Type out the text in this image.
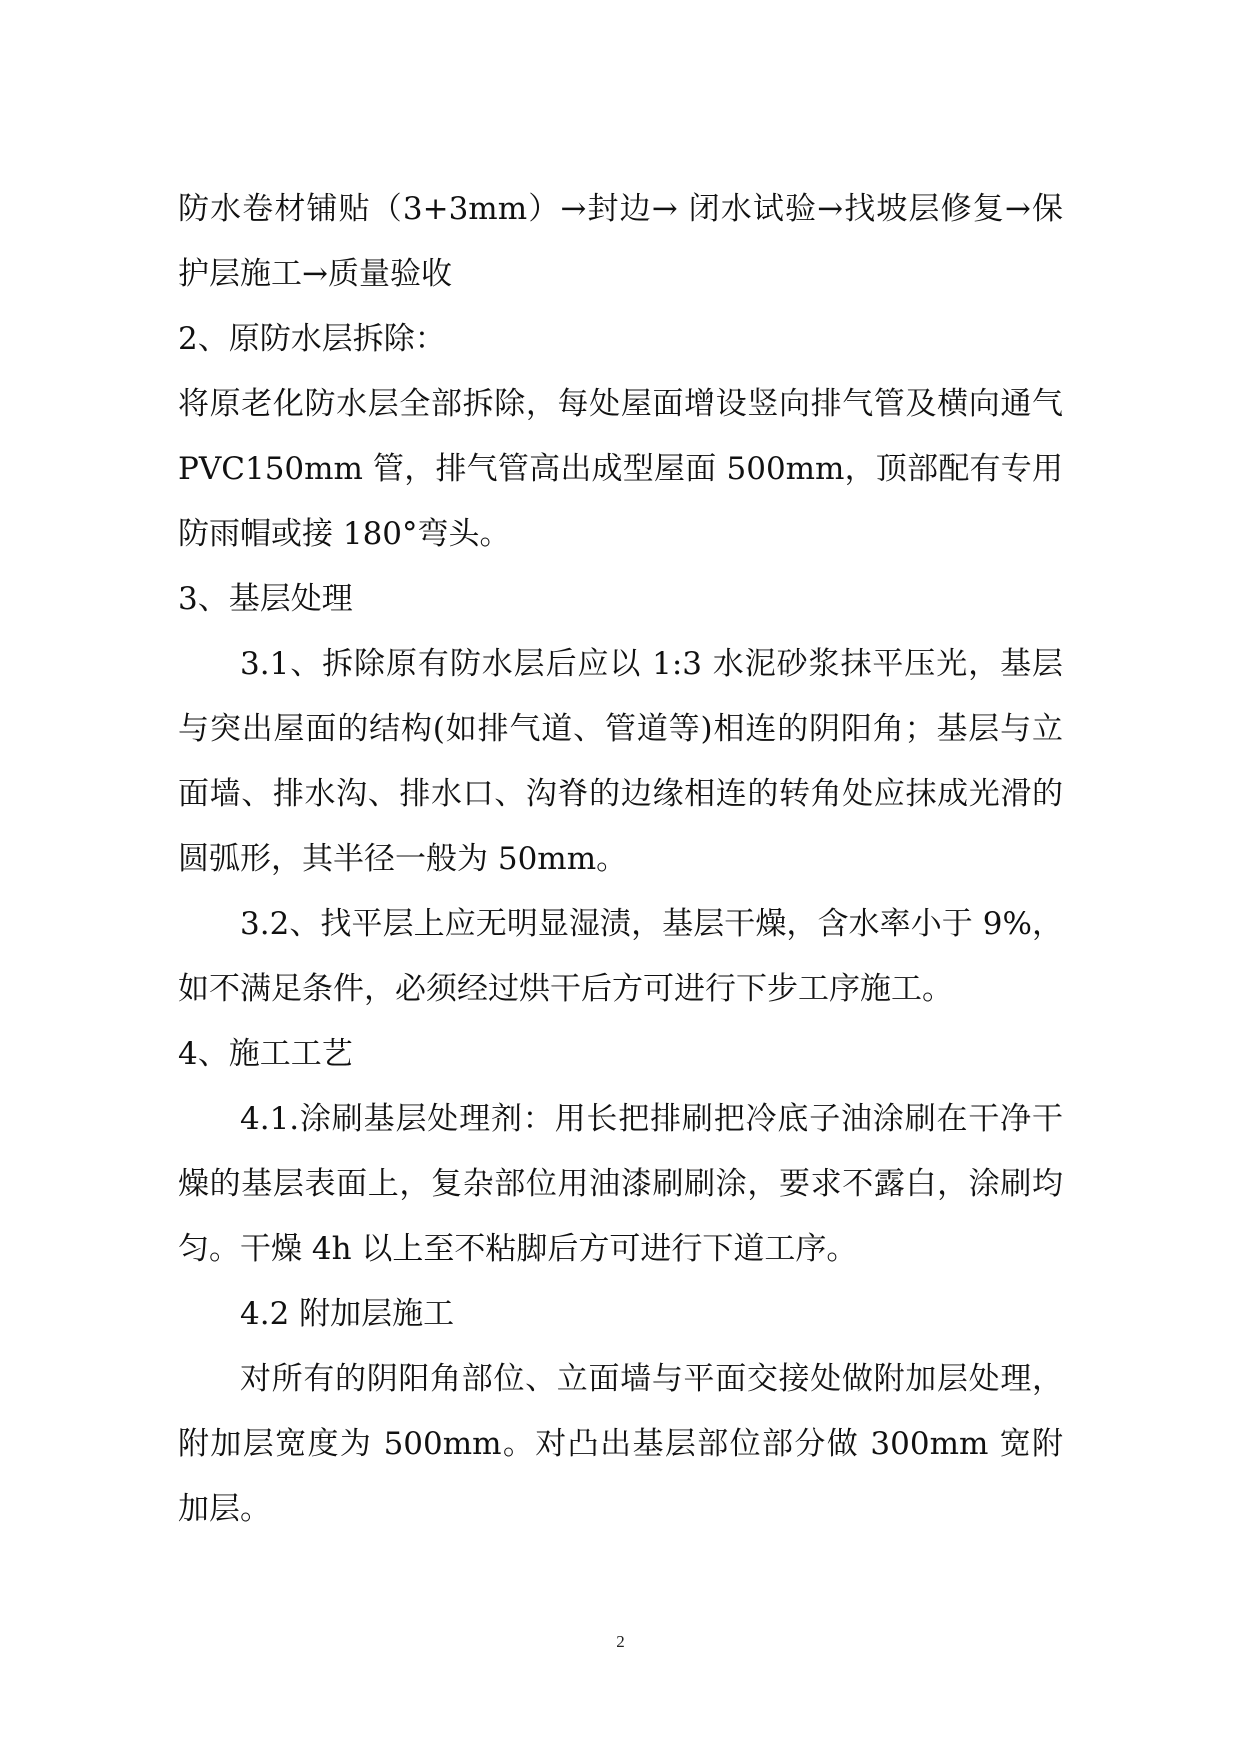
防水卷材铺贴（3+3mm）→封边→ 闭水试验→找坡层修复→保护层施工→质量验收

2、原防水层拆除：

将原老化防水层全部拆除，每处屋面增设竖向排气管及横向通气 PVC150mm 管，排气管高出成型屋面 500mm，顶部配有专用防雨帽或接 180°弯头。

3、基层处理

3.1、拆除原有防水层后应以 1:3 水泥砂浆抹平压光，基层与突出屋面的结构(如排气道、管道等)相连的阴阳角；基层与立面墙、排水沟、排水口、沟脊的边缘相连的转角处应抹成光滑的圆弧形，其半径一般为 50mm。

3.2、找平层上应无明显湿渍，基层干燥，含水率小于 9%，如不满足条件，必须经过烘干后方可进行下步工序施工。

4、施工工艺

4.1.涂刷基层处理剂：用长把排刷把冷底子油涂刷在干净干燥的基层表面上，复杂部位用油漆刷刷涂，要求不露白，涂刷均匀。干燥 4h 以上至不粘脚后方可进行下道工序。

4.2 附加层施工

对所有的阴阳角部位、立面墙与平面交接处做附加层处理，附加层宽度为 500mm。对凸出基层部位部分做 300mm 宽附加层。

2
